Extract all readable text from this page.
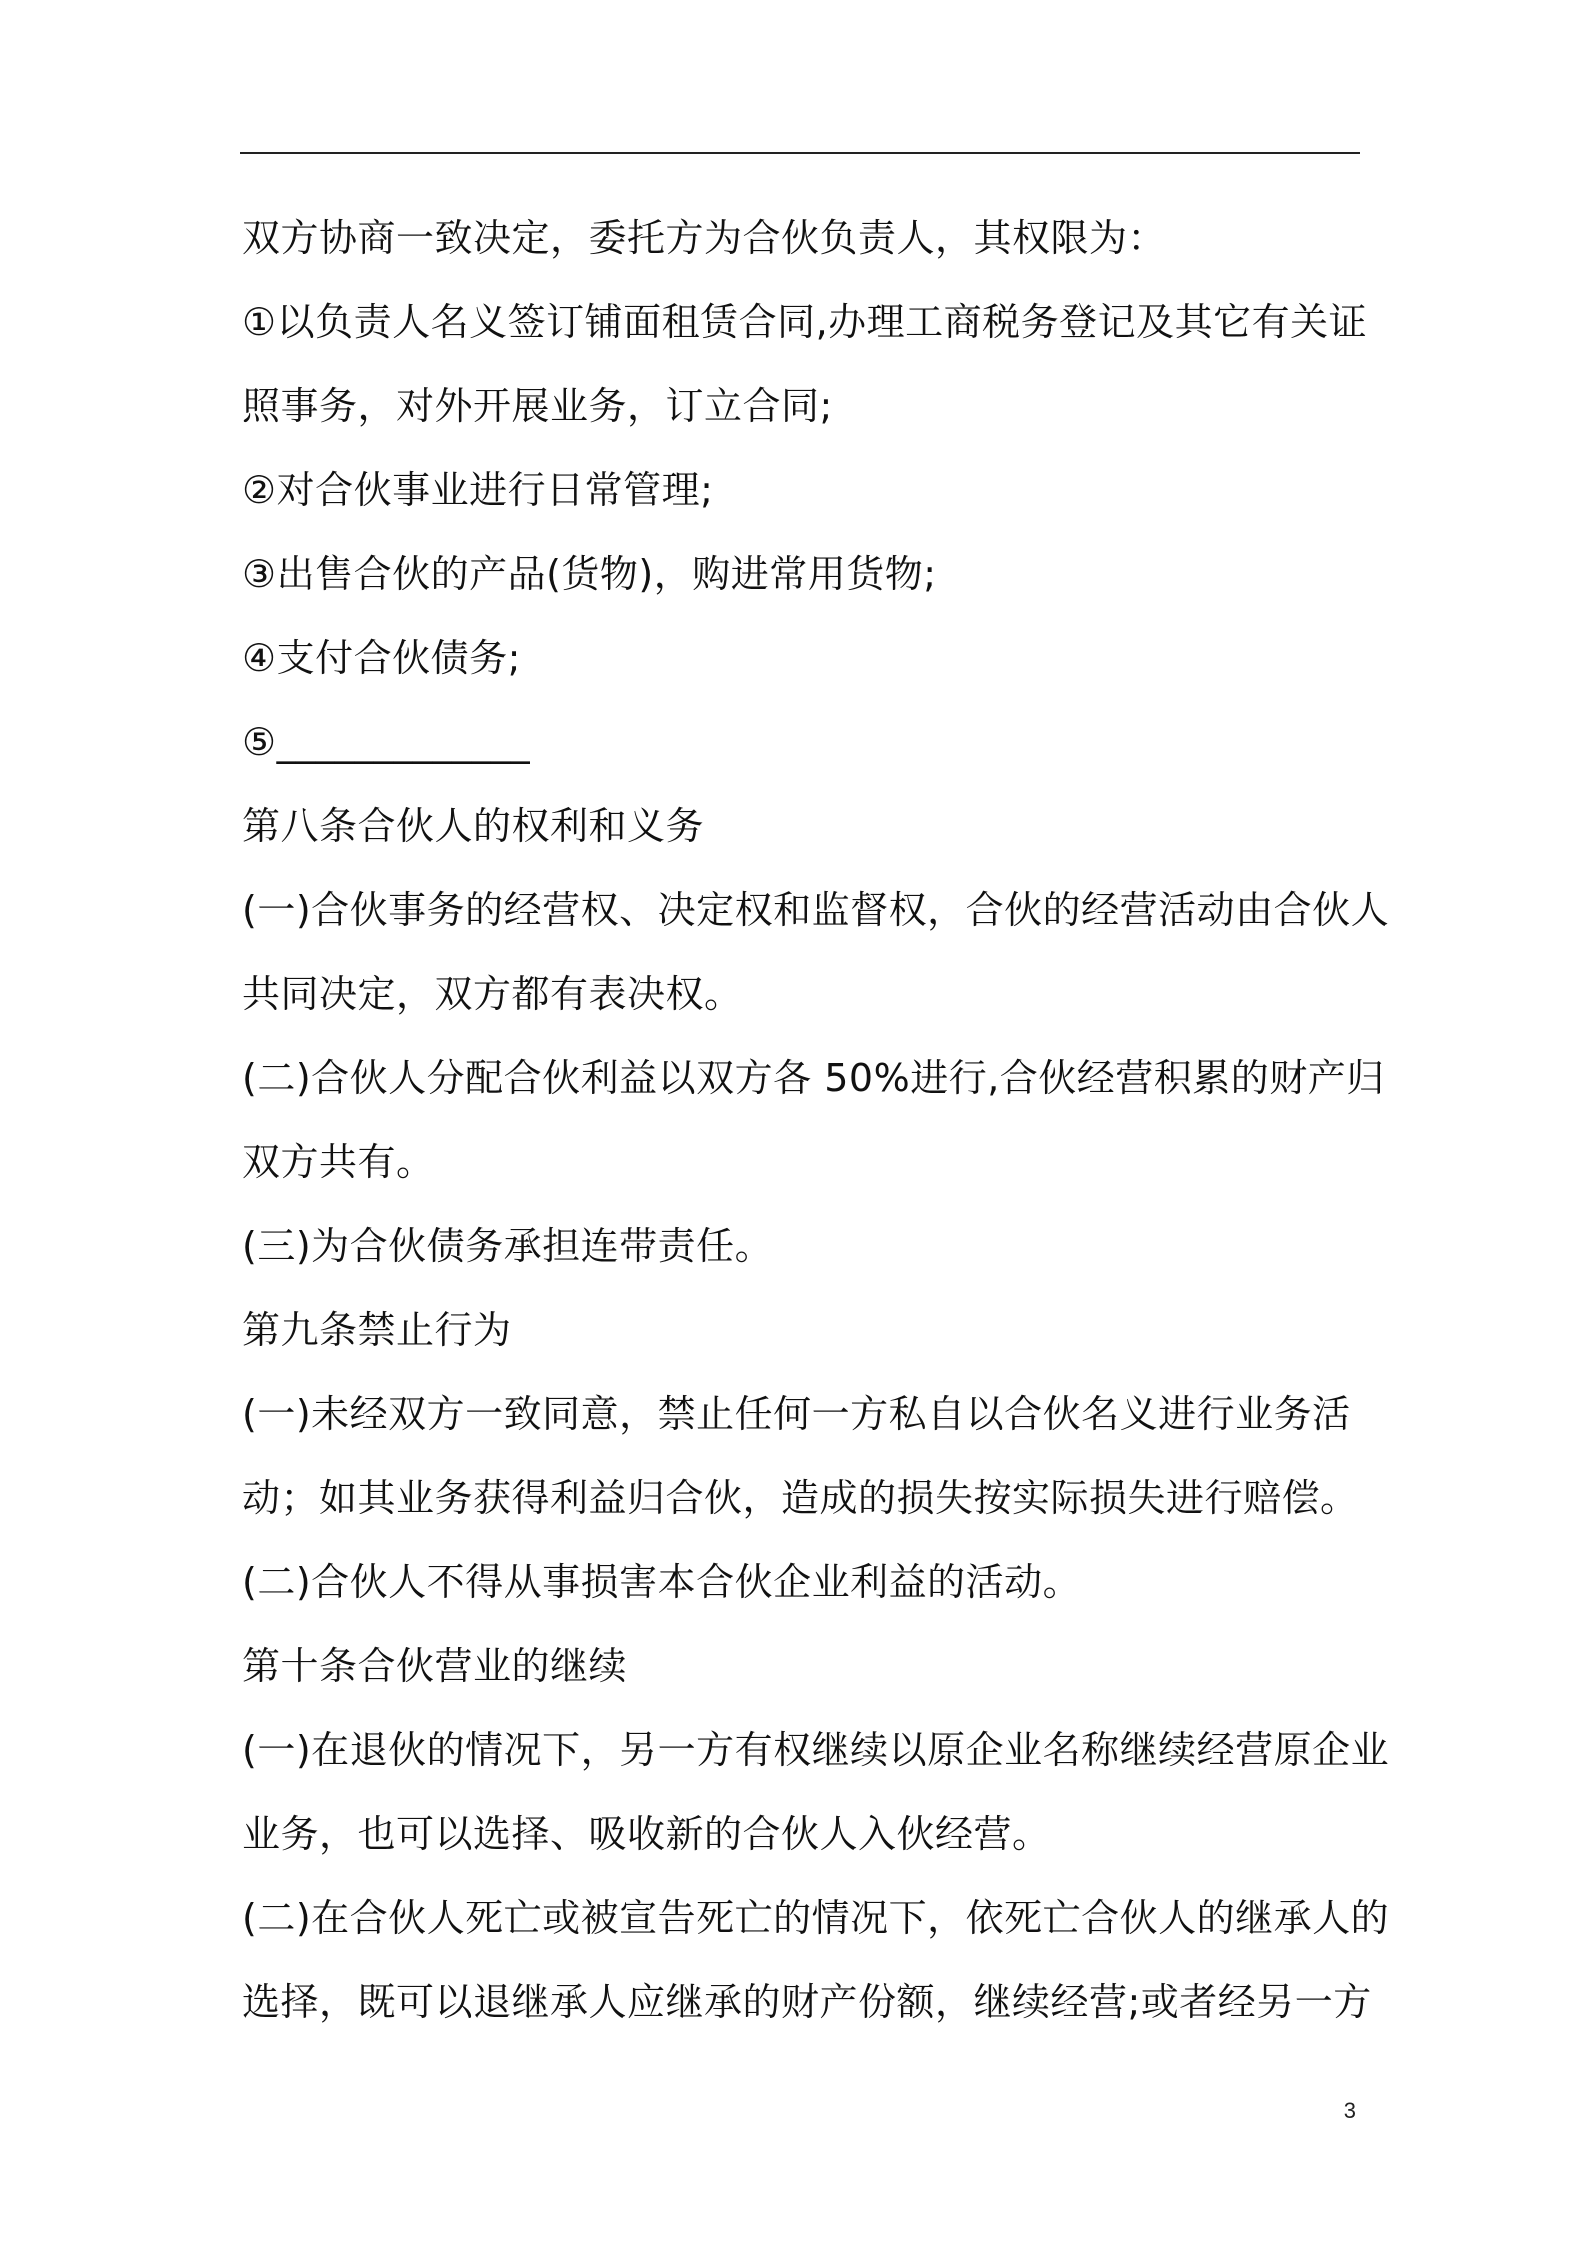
双方协商一致决定，委托方为合伙负责人，其权限为：
①以负责人名义签订铺面租赁合同,办理工商税务登记及其它有关证
照事务，对外开展业务，订立合同;
②对合伙事业进行日常管理;
③出售合伙的产品(货物)，购进常用货物;
④支付合伙债务;
⑤_____________
第八条合伙人的权利和义务
(一)合伙事务的经营权、决定权和监督权，合伙的经营活动由合伙人
共同决定，双方都有表决权。
(二)合伙人分配合伙利益以双方各 50%进行,合伙经营积累的财产归
双方共有。
(三)为合伙债务承担连带责任。
第九条禁止行为
(一)未经双方一致同意，禁止任何一方私自以合伙名义进行业务活
动；如其业务获得利益归合伙，造成的损失按实际损失进行赔偿。
(二)合伙人不得从事损害本合伙企业利益的活动。
第十条合伙营业的继续
(一)在退伙的情况下，另一方有权继续以原企业名称继续经营原企业
业务，也可以选择、吸收新的合伙人入伙经营。
(二)在合伙人死亡或被宣告死亡的情况下，依死亡合伙人的继承人的
选择，既可以退继承人应继承的财产份额，继续经营;或者经另一方
3
